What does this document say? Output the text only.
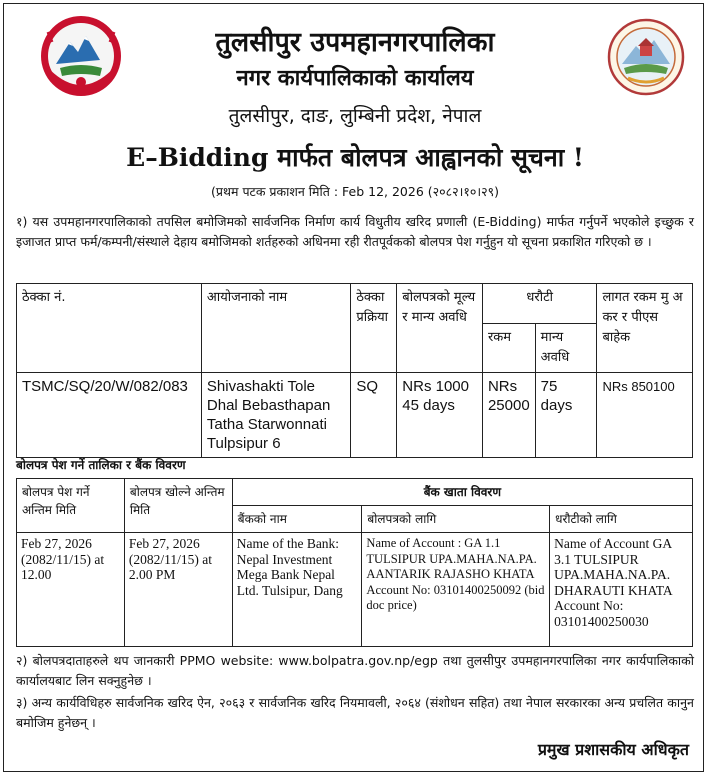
तुलसीपुर उपमहानगरपालिका
नगर कार्यपालिकाको कार्यालय
तुलसीपुर, दाङ, लुम्बिनी प्रदेश, नेपाल
E–Bidding मार्फत बोलपत्र आह्वानको सूचना !
(प्रथम पटक प्रकाशन मिति : Feb 12, 2026 (२०८२।१०।२९)
१) यस उपमहानगरपालिकाको तपसिल बमोजिमको सार्वजनिक निर्माण कार्य विधुतीय खरिद प्रणाली (E-Bidding) मार्फत गर्नुपर्ने भएकोले इच्छुक र इजाजत प्राप्त फर्म/कम्पनी/संस्थाले देहाय बमोजिमको शर्तहरुको अधिनमा रही रीतपूर्वकको बोलपत्र पेश गर्नुहुन यो सूचना प्रकाशित गरिएको छ ।
ठेक्का नं.	आयोजनाको नाम	ठेक्का प्रक्रिया	बोलपत्रको मूल्य र मान्य अवधि	धरौटी		लागत रकम मु अ कर र पीएस बाहेक
				रकम	मान्य अवधि	
TSMC/SQ/20/W/082/083	Shivashakti Tole Dhal Bebasthapan Tatha Starwonnati Tulpsipur 6	SQ	NRs 1000 45 days	NRs 25000	75 days	NRs 850100
बोलपत्र पेश गर्ने तालिका र बैंक विवरण
बोलपत्र पेश गर्ने अन्तिम मिति	बोलपत्र खोल्ने अन्तिम मिति	बैंक खाता विवरण		
		बैंकको नाम	बोलपत्रको लागि	धरौटीको लागि
Feb 27, 2026 (2082/11/15) at 12.00	Feb 27, 2026 (2082/11/15) at 2.00 PM	Name of the Bank: Nepal Investment Mega Bank Nepal Ltd. Tulsipur, Dang	Name of Account : GA 1.1 TULSIPUR UPA.MAHA.NA.PA. AANTARIK RAJASHO KHATA Account No: 03101400250092 (bid doc price)	Name of Account GA 3.1 TULSIPUR UPA.MAHA.NA.PA. DHARAUTI KHATA Account No: 03101400250030
२) बोलपत्रदाताहरुले थप जानकारी PPMO website: www.bolpatra.gov.np/egp तथा तुलसीपुर उपमहानगरपालिका नगर कार्यपालिकाको कार्यालयबाट लिन सक्नुहुनेछ ।
३) अन्य कार्यविधिहरु सार्वजनिक खरिद ऐन, २०६३ र सार्वजनिक खरिद नियमावली, २०६४ (संशोधन सहित) तथा नेपाल सरकारका अन्य प्रचलित कानुन बमोजिम हुनेछन् ।
प्रमुख प्रशासकीय अधिकृत
